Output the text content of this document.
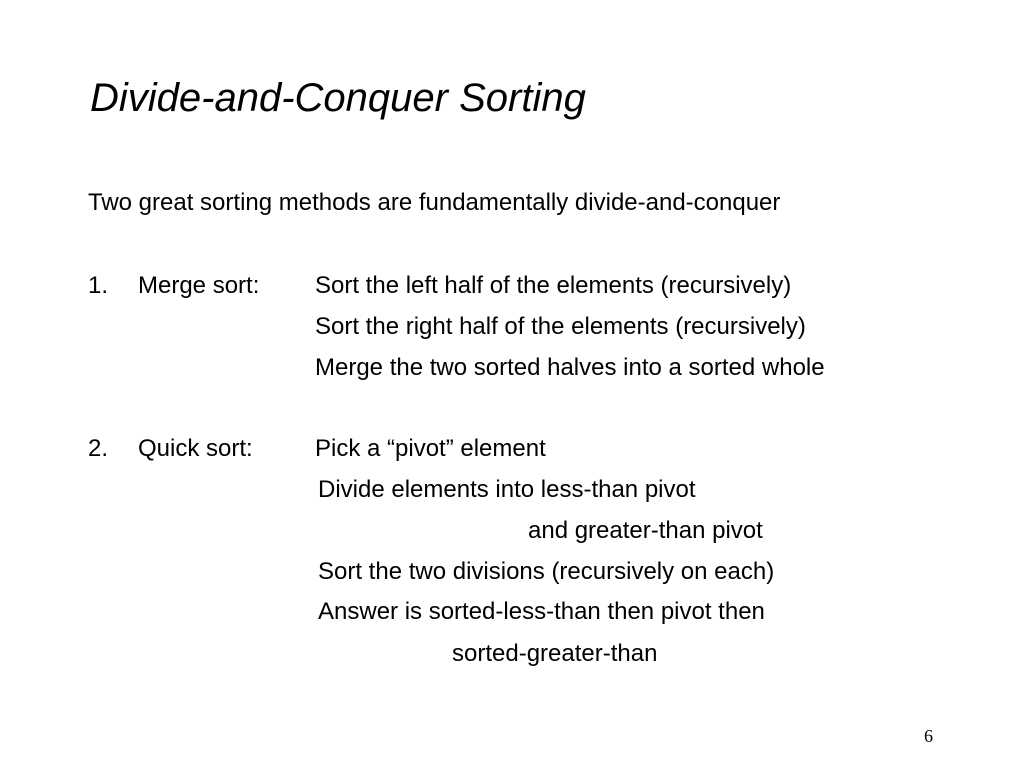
Divide-and-Conquer Sorting
Two great sorting methods are fundamentally divide-and-conquer
1. Merge sort: Sort the left half of the elements (recursively)
Sort the right half of the elements (recursively)
Merge the two sorted halves into a sorted whole
2. Quick sort:	Pick a “pivot” element
Divide elements into less-than pivot
and greater-than pivot
Sort the two divisions (recursively on each)
Answer is sorted-less-than then pivot then
sorted-greater-than
6
